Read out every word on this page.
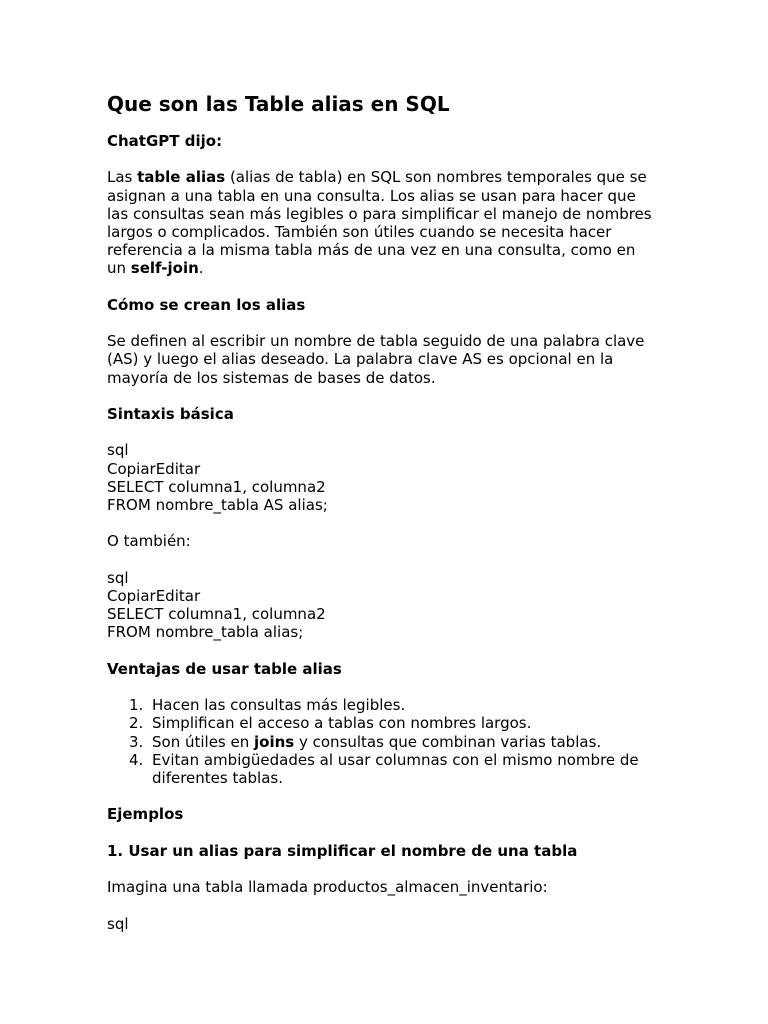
Que son las Table alias en SQL

ChatGPT dijo:

Las table alias (alias de tabla) en SQL son nombres temporales que se

asignan a una tabla en una consulta. Los alias se usan para hacer que

las consultas sean más legibles o para simplificar el manejo de nombres

largos o complicados. También son útiles cuando se necesita hacer

referencia a la misma tabla más de una vez en una consulta, como en

un self-join.

Cómo se crean los alias

Se definen al escribir un nombre de tabla seguido de una palabra clave

(AS) y luego el alias deseado. La palabra clave AS es opcional en la

mayoría de los sistemas de bases de datos.

Sintaxis básica

sql

CopiarEditar

SELECT columna1, columna2

FROM nombre_tabla AS alias;

O también:

sql

CopiarEditar

SELECT columna1, columna2

FROM nombre_tabla alias;

Ventajas de usar table alias

1. Hacen las consultas más legibles.
2. Simplifican el acceso a tablas con nombres largos.
3. Son útiles en joins y consultas que combinan varias tablas.
4. Evitan ambigüedades al usar columnas con el mismo nombre de
diferentes tablas.

Ejemplos

1. Usar un alias para simplificar el nombre de una tabla

Imagina una tabla llamada productos_almacen_inventario:

sql
